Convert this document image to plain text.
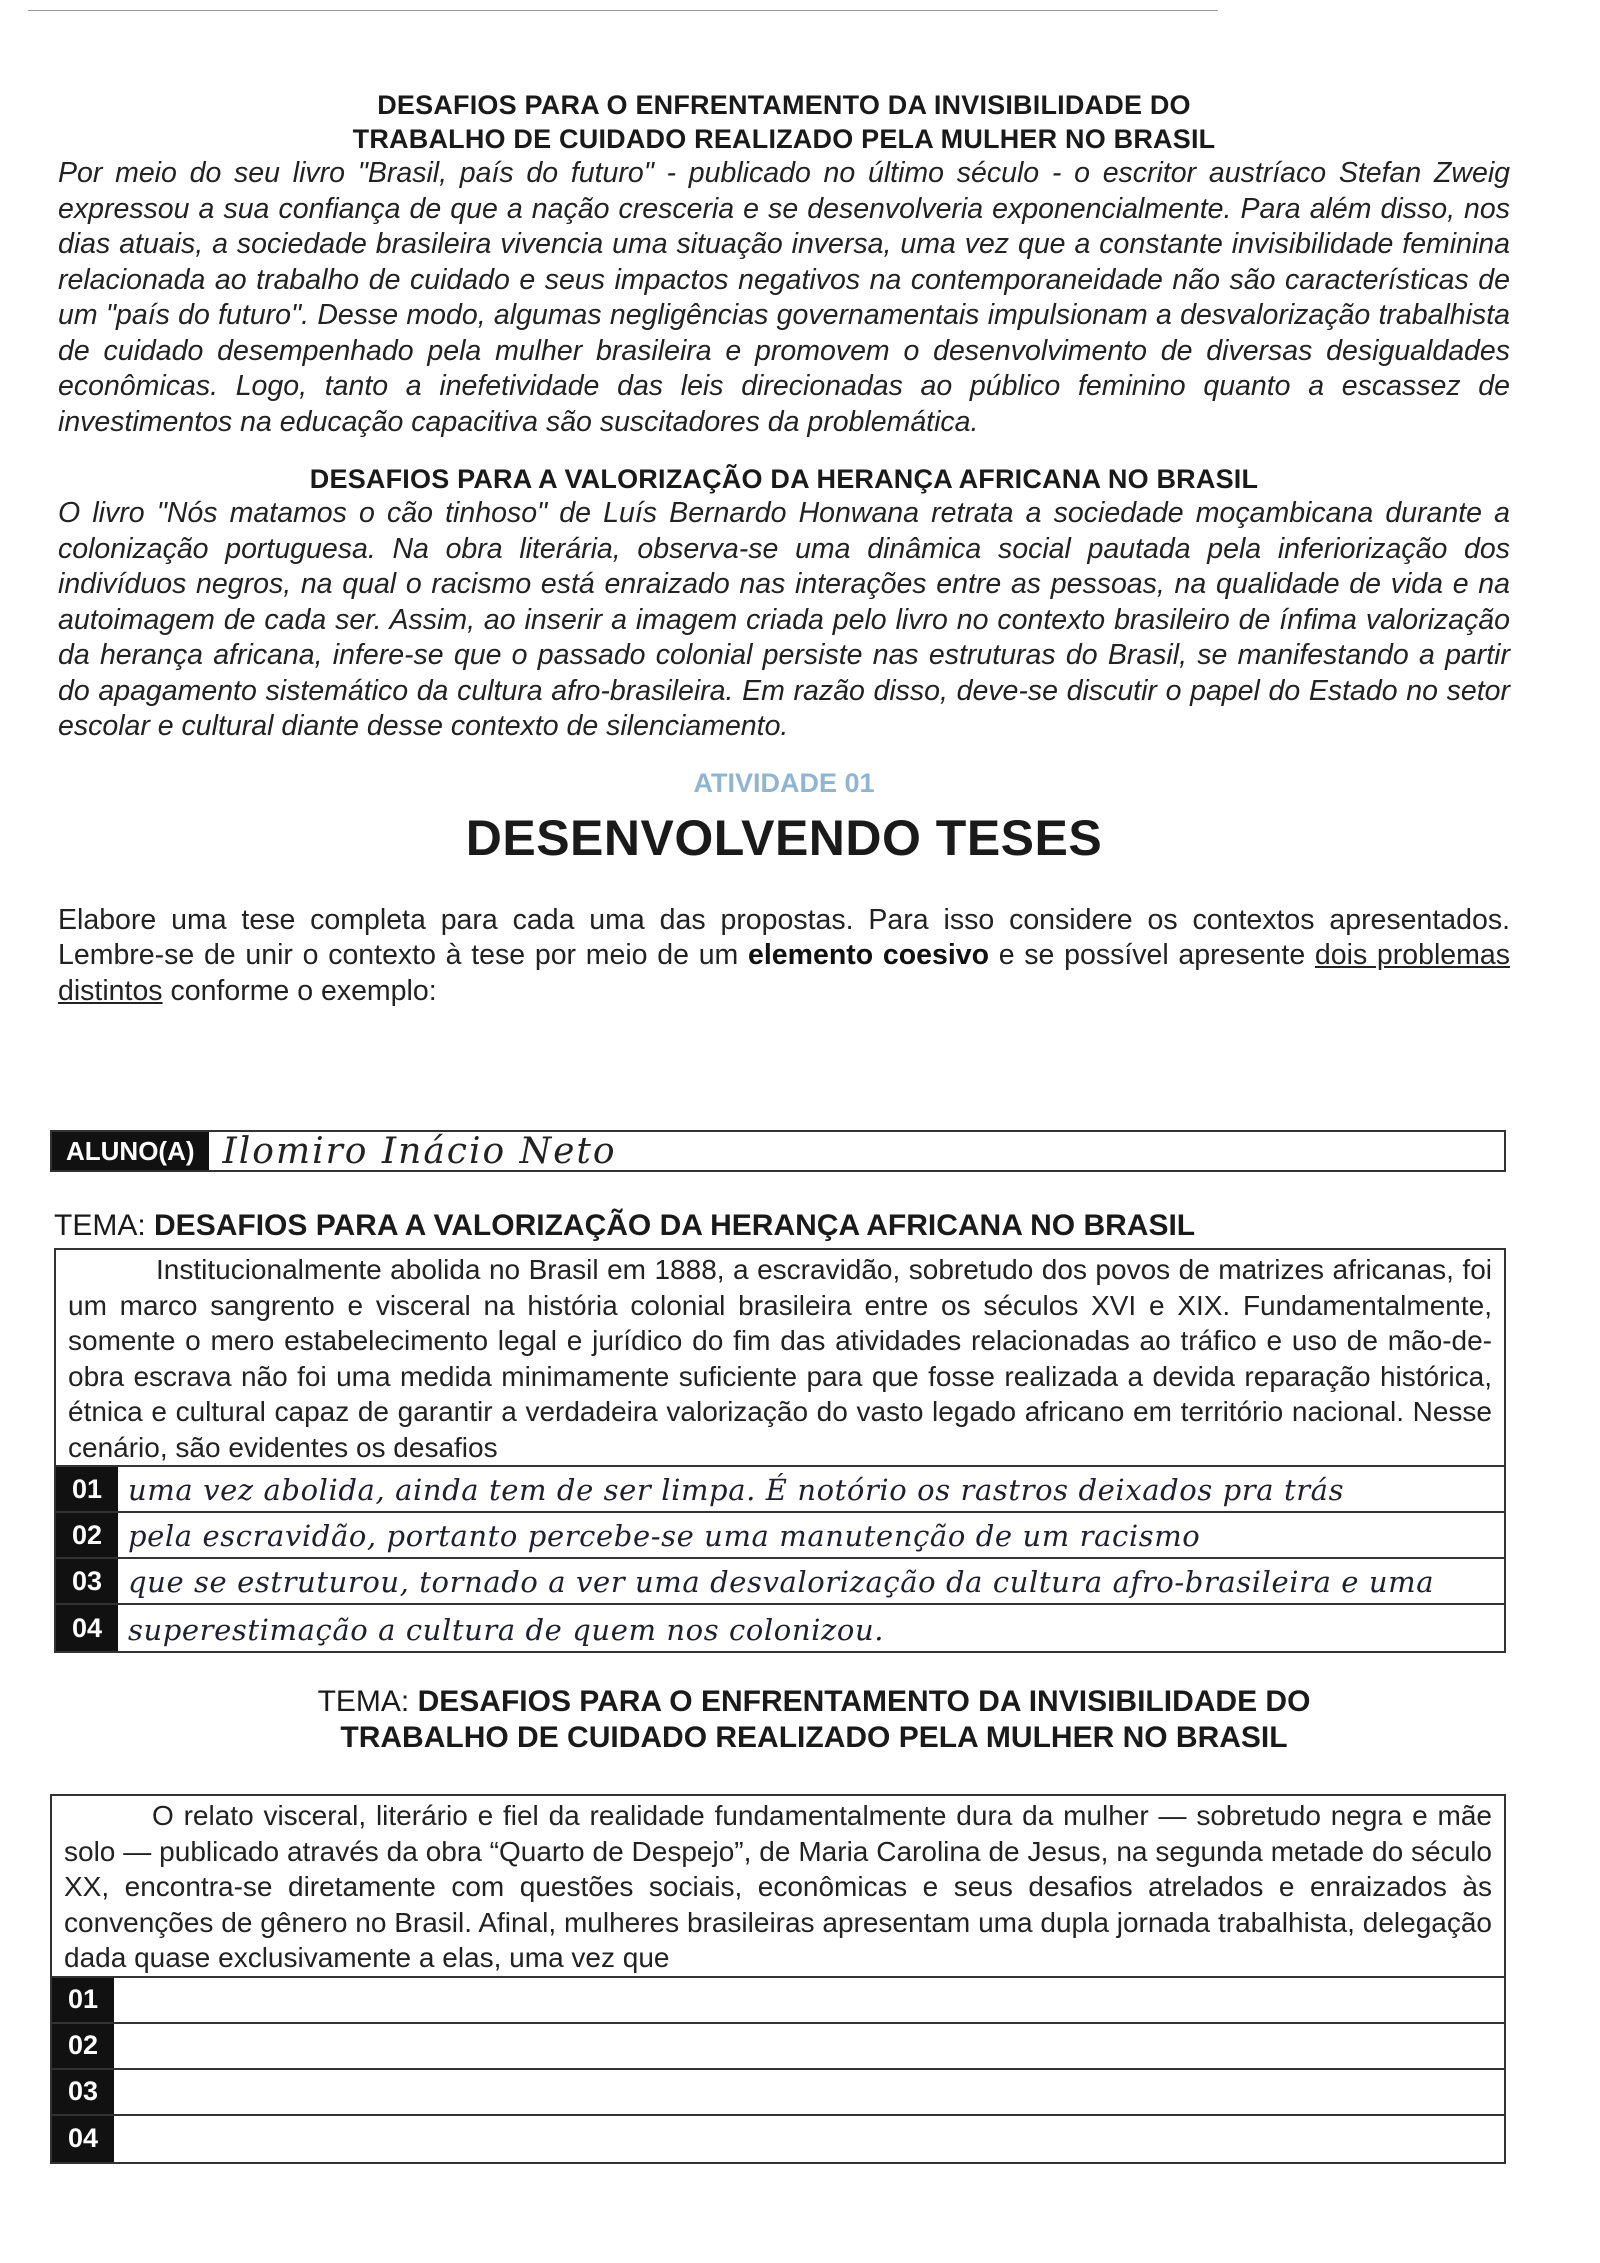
DESAFIOS PARA O ENFRENTAMENTO DA INVISIBILIDADE DO
TRABALHO DE CUIDADO REALIZADO PELA MULHER NO BRASIL

Por meio do seu livro "Brasil, país do futuro" - publicado no último século - o escritor austríaco Stefan Zweig expressou a sua confiança de que a nação cresceria e se desenvolveria exponencialmente. Para além disso, nos dias atuais, a sociedade brasileira vivencia uma situação inversa, uma vez que a constante invisibilidade feminina relacionada ao trabalho de cuidado e seus impactos negativos na contemporaneidade não são características de um "país do futuro". Desse modo, algumas negligências governamentais impulsionam a desvalorização trabalhista de cuidado desempenhado pela mulher brasileira e promovem o desenvolvimento de diversas desigualdades econômicas. Logo, tanto a inefetividade das leis direcionadas ao público feminino quanto a escassez de investimentos na educação capacitiva são suscitadores da problemática.

DESAFIOS PARA A VALORIZAÇÃO DA HERANÇA AFRICANA NO BRASIL

O livro "Nós matamos o cão tinhoso" de Luís Bernardo Honwana retrata a sociedade moçambicana durante a colonização portuguesa. Na obra literária, observa-se uma dinâmica social pautada pela inferiorização dos indivíduos negros, na qual o racismo está enraizado nas interações entre as pessoas, na qualidade de vida e na autoimagem de cada ser. Assim, ao inserir a imagem criada pelo livro no contexto brasileiro de ínfima valorização da herança africana, infere-se que o passado colonial persiste nas estruturas do Brasil, se manifestando a partir do apagamento sistemático da cultura afro-brasileira. Em razão disso, deve-se discutir o papel do Estado no setor escolar e cultural diante desse contexto de silenciamento.

ATIVIDADE 01
DESENVOLVENDO TESES
Elabore uma tese completa para cada uma das propostas. Para isso considere os contextos apresentados. Lembre-se de unir o contexto à tese por meio de um elemento coesivo e se possível apresente dois problemas distintos conforme o exemplo:
ALUNO(A) Ilomiro Inácio Neto
TEMA: DESAFIOS PARA A VALORIZAÇÃO DA HERANÇA AFRICANA NO BRASIL

Institucionalmente abolida no Brasil em 1888, a escravidão, sobretudo dos povos de matrizes africanas, foi um marco sangrento e visceral na história colonial brasileira entre os séculos XVI e XIX. Fundamentalmente, somente o mero estabelecimento legal e jurídico do fim das atividades relacionadas ao tráfico e uso de mão-de-obra escrava não foi uma medida minimamente suficiente para que fosse realizada a devida reparação histórica, étnica e cultural capaz de garantir a verdadeira valorização do vasto legado africano em território nacional. Nesse cenário, são evidentes os desafios

01 uma vez abolida, ainda tem de ser limpa. É notório os rastros deixados pra trás
02 pela escravidão, portanto percebe-se uma manutenção de um racismo
03 que se estruturou, tornado a ver uma desvalorização da cultura afro-brasileira e uma
04 superestimação a cultura de quem nos colonizou.
TEMA: DESAFIOS PARA O ENFRENTAMENTO DA INVISIBILIDADE DO
TRABALHO DE CUIDADO REALIZADO PELA MULHER NO BRASIL

O relato visceral, literário e fiel da realidade fundamentalmente dura da mulher — sobretudo negra e mãe solo — publicado através da obra “Quarto de Despejo”, de Maria Carolina de Jesus, na segunda metade do século XX, encontra-se diretamente com questões sociais, econômicas e seus desafios atrelados e enraizados às convenções de gênero no Brasil. Afinal, mulheres brasileiras apresentam uma dupla jornada trabalhista, delegação dada quase exclusivamente a elas, uma vez que

01
02
03
04
